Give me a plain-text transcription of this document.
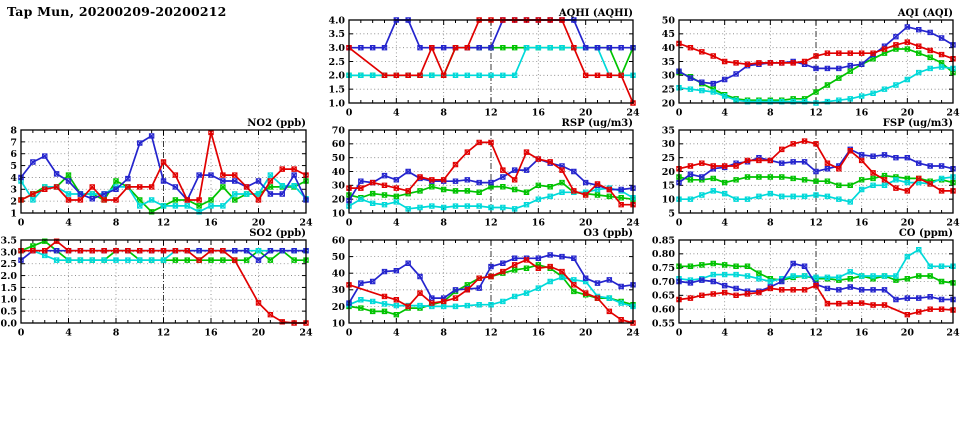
Tap Mun, 20200209-20200212
1.0
1.5
2.0
2.5
3.0
3.5
4.0
0	4	8	12	16	20	24
AQHI (AQHI)
20
25
30
35
40
45
50
0	4	8	12	16	20	24
AQI (AQI)
1
2
3
4
5
6
7
8
0	4	8	12	16	20	24
NO2 (ppb)
10
20
30
40
50
60
70
0	4	8	12	16	20	24
RSP (ug/m3)
5
10
15
20
25
30
35
0	4	8	12	16	20	24
FSP (ug/m3)
0.0
0.5
1.0
1.5
2.0
2.5
3.0
3.5
0	4	8	12	16	20	24
SO2 (ppb)
10
20
30
40
50
60
0	4	8	12	16	20	24
O3 (ppb)
0.55
0.60
0.65
0.70
0.75
0.80
0.85
0	4	8	12	16	20	24
CO (ppm)
